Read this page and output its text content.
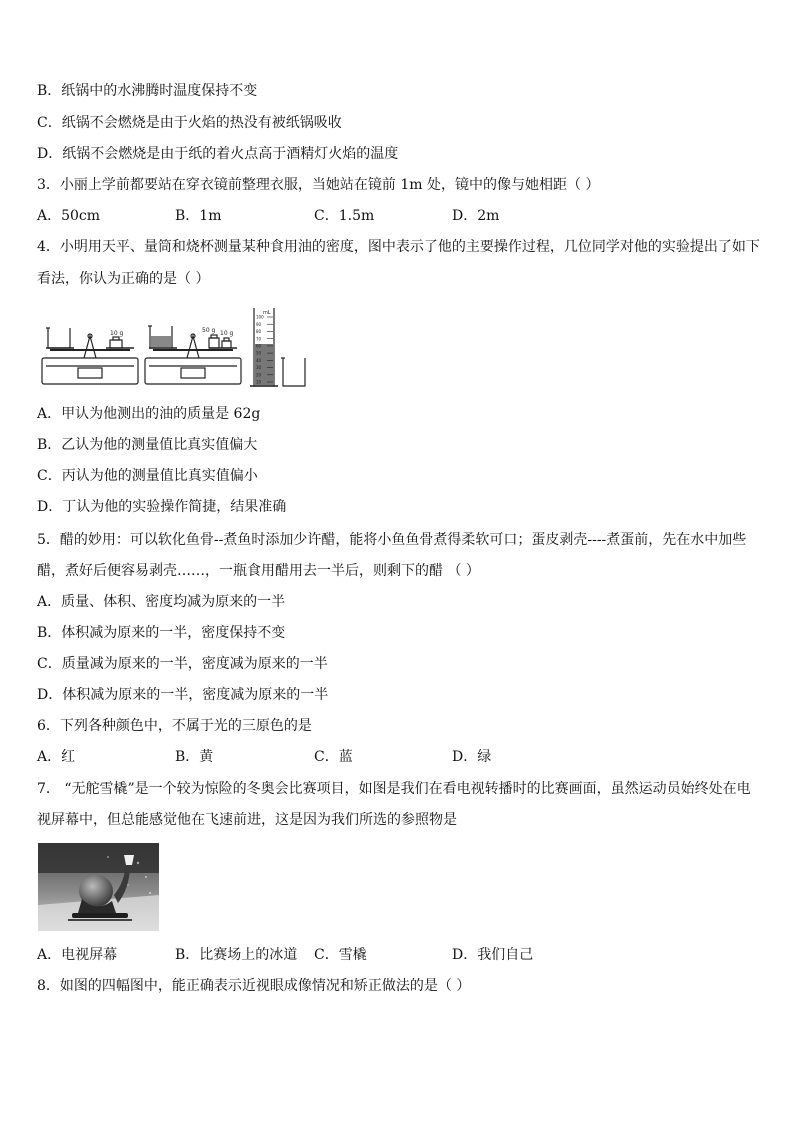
B．纸锅中的水沸腾时温度保持不变
C．纸锅不会燃烧是由于火焰的热没有被纸锅吸收
D．纸锅不会燃烧是由于纸的着火点高于酒精灯火焰的温度
3．小丽上学前都要站在穿衣镜前整理衣服，当她站在镜前 1m 处，镜中的像与她相距（ ）
A．50cm	B．1m	C．1.5m	D．2m
4．小明用天平、量筒和烧杯测量某种食用油的密度，图中表示了他的主要操作过程，几位同学对他的实验提出了如下
看法，你认为正确的是（ ）
10 g	50 g 10 g
mL
100
90
80
70
60
50
40
30
20
10
A．甲认为他测出的油的质量是 62g
B．乙认为他的测量值比真实值偏大
C．丙认为他的测量值比真实值偏小
D．丁认为他的实验操作简捷，结果准确
5．醋的妙用：可以软化鱼骨--煮鱼时添加少许醋，能将小鱼鱼骨煮得柔软可口；蛋皮剥壳----煮蛋前，先在水中加些
醋，煮好后便容易剥壳……，一瓶食用醋用去一半后，则剩下的醋 （ ）
A．质量、体积、密度均减为原来的一半
B．体积减为原来的一半，密度保持不变
C．质量减为原来的一半，密度减为原来的一半
D．体积减为原来的一半，密度减为原来的一半
6．下列各种颜色中，不属于光的三原色的是
A．红	B．黄	C．蓝	D．绿
7． “无舵雪橇”是一个较为惊险的冬奥会比赛项目，如图是我们在看电视转播时的比赛画面，虽然运动员始终处在电
视屏幕中，但总能感觉他在飞速前进，这是因为我们所选的参照物是
A．电视屏幕	B．比赛场上的冰道 C．雪橇	D．我们自己
8．如图的四幅图中，能正确表示近视眼成像情况和矫正做法的是（ ）
